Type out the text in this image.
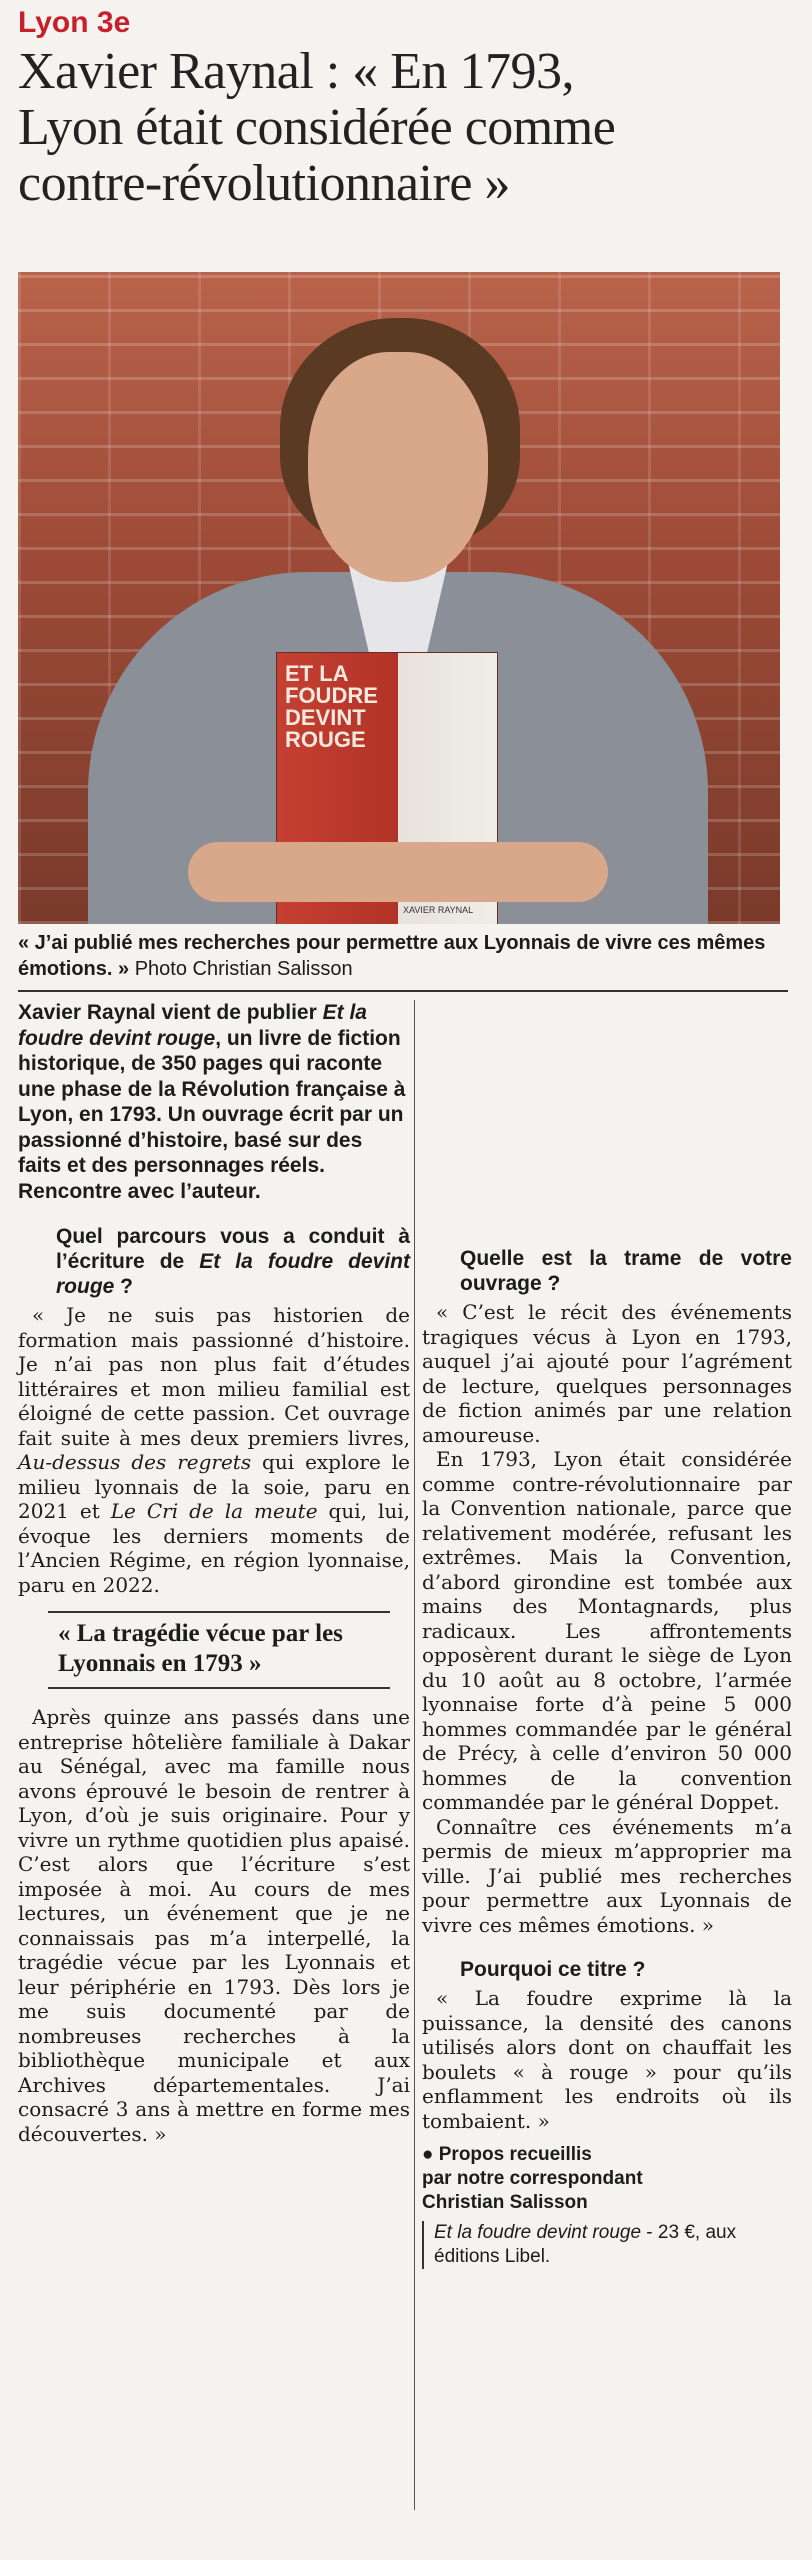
Lyon 3e
Xavier Raynal : « En 1793,
Lyon était considérée comme
contre-révolutionnaire »
ET LA FOUDRE DEVINT ROUGE
XAVIER RAYNAL
« J’ai publié mes recherches pour permettre aux Lyonnais de vivre ces mêmes émotions. » Photo Christian Salisson
Xavier Raynal vient de publier Et la foudre devint rouge, un livre de fiction historique, de 350 pages qui raconte une phase de la Révolution française à Lyon, en 1793. Un ouvrage écrit par un passionné d’histoire, basé sur des faits et des personnages réels. Rencontre avec l’auteur.
Quel parcours vous a conduit à l’écriture de Et la foudre devint rouge ?

« Je ne suis pas historien de formation mais passionné d’histoire. Je n’ai pas non plus fait d’études littéraires et mon milieu familial est éloigné de cette passion. Cet ouvrage fait suite à mes deux premiers livres, Au-dessus des regrets qui explore le milieu lyonnais de la soie, paru en 2021 et Le Cri de la meute qui, lui, évoque les derniers moments de l’Ancien Régime, en région lyonnaise, paru en 2022.

« La tragédie vécue par les Lyonnais en 1793 »

Après quinze ans passés dans une entreprise hôtelière familiale à Dakar au Sénégal, avec ma famille nous avons éprouvé le besoin de rentrer à Lyon, d’où je suis originaire. Pour y vivre un rythme quotidien plus apaisé. C’est alors que l’écriture s’est imposée à moi. Au cours de mes lectures, un événement que je ne connaissais pas m’a interpellé, la tragédie vécue par les Lyonnais et leur périphérie en 1793. Dès lors je me suis documenté par de nombreuses recherches à la bibliothèque municipale et aux Archives départementales. J’ai consacré 3 ans à mettre en forme mes découvertes. »

Quelle est la trame de votre ouvrage ?

« C’est le récit des événements tragiques vécus à Lyon en 1793, auquel j’ai ajouté pour l’agrément de lecture, quelques personnages de fiction animés par une relation amoureuse.

En 1793, Lyon était considérée comme contre-révolutionnaire par la Convention nationale, parce que relativement modérée, refusant les extrêmes. Mais la Convention, d’abord girondine est tombée aux mains des Montagnards, plus radicaux. Les affrontements opposèrent durant le siège de Lyon du 10 août au 8 octobre, l’armée lyonnaise forte d’à peine 5 000 hommes commandée par le général de Précy, à celle d’environ 50 000 hommes de la convention commandée par le général Doppet.

Connaître ces événements m’a permis de mieux m’approprier ma ville. J’ai publié mes recherches pour permettre aux Lyonnais de vivre ces mêmes émotions. »

Pourquoi ce titre ?

« La foudre exprime là la puissance, la densité des canons utilisés alors dont on chauffait les boulets « à rouge » pour qu’ils enflamment les endroits où ils tombaient. »

● Propos recueillis
par notre correspondant
Christian Salisson
Et la foudre devint rouge - 23 €, aux éditions Libel.
